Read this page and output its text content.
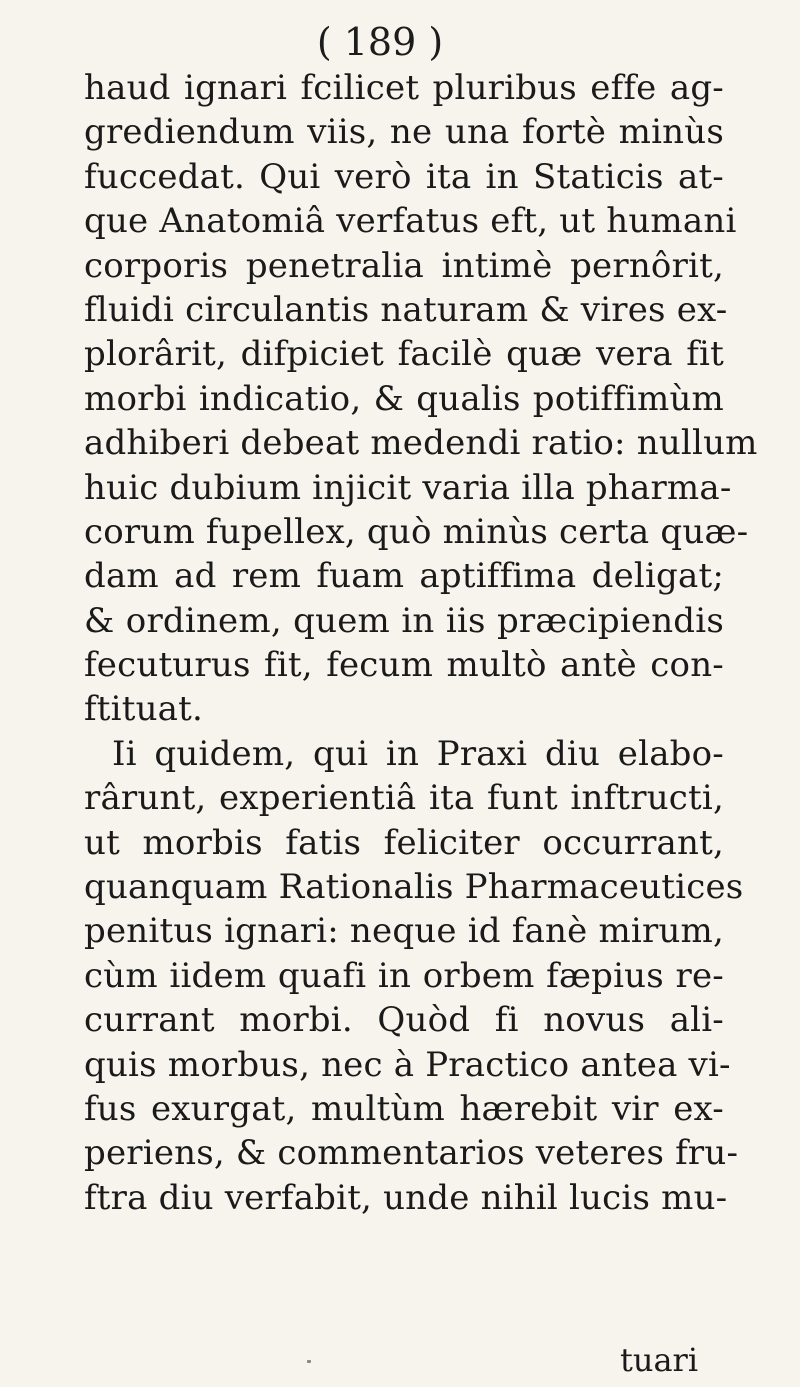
( 189 )
haud ignari fcilicet pluribus effe ag-
grediendum viis, ne una fortè minùs
fuccedat. Qui verò ita in Staticis at-
que Anatomiâ verfatus eft, ut humani
corporis penetralia intimè pernôrit,
fluidi circulantis naturam & vires ex-
plorârit, difpiciet facilè quæ vera fit
morbi indicatio, & qualis potiffimùm
adhiberi debeat medendi ratio: nullum
huic dubium injicit varia illa pharma-
corum fupellex, quò minùs certa quæ-
dam ad rem fuam aptiffima deligat;
& ordinem, quem in iis præcipiendis
fecuturus fit, fecum multò antè con-
ftituat.
Ii quidem, qui in Praxi diu elabo-
rârunt, experientiâ ita funt inftructi,
ut morbis fatis feliciter occurrant,
quanquam Rationalis Pharmaceutices
penitus ignari: neque id fanè mirum,
cùm iidem quafi in orbem fæpius re-
currant morbi. Quòd fi novus ali-
quis morbus, nec à Practico antea vi-
fus exurgat, multùm hærebit vir ex-
periens, & commentarios veteres fru-
ftra diu verfabit, unde nihil lucis mu-
tuari
